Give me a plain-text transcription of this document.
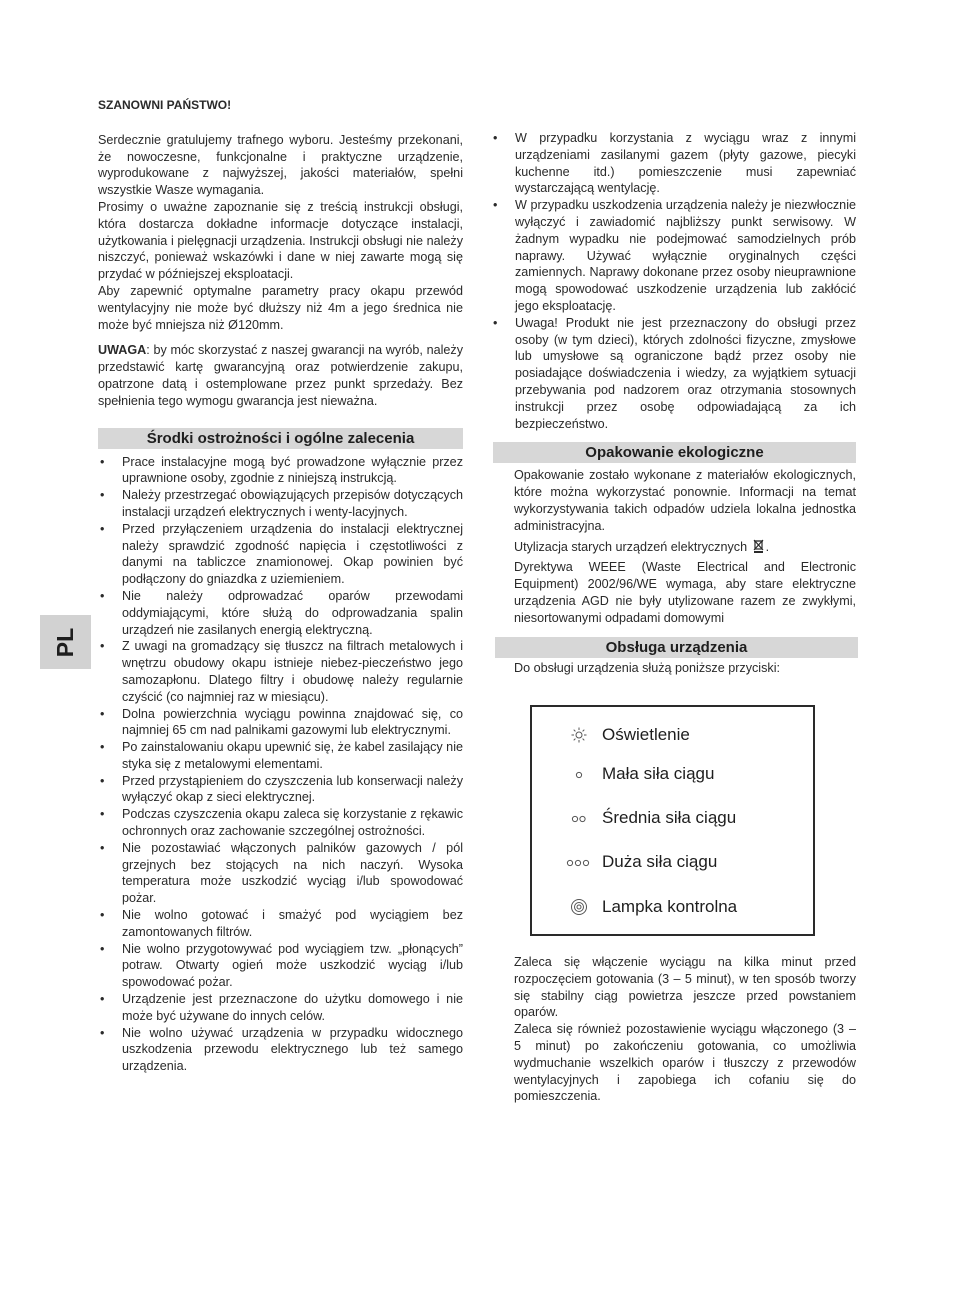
PL

SZANOWNI PAŃSTWO!

Serdecznie gratulujemy trafnego wyboru. Jesteśmy przekonani, że nowoczesne, funkcjonalne i praktyczne urządzenie, wyprodukowane z najwyższej, jakości materiałów, spełni wszystkie Wasze wymagania.

Prosimy o uważne zapoznanie się z treścią instrukcji obsługi, która dostarcza dokładne informacje dotyczące instalacji, użytkowania i pielęgnacji urządzenia. Instrukcji obsługi nie należy niszczyć, ponieważ wskazówki i dane w niej zawarte mogą się przydać w późniejszej eksploatacji.

Aby zapewnić optymalne parametry pracy okapu przewód wentylacyjny nie może być dłuższy niż 4m a jego średnica nie może być mniejsza niż Ø120mm.

UWAGA: by móc skorzystać z naszej gwarancji na wyrób, należy przedstawić kartę gwarancyjną oraz potwierdzenie zakupu, opatrzone datą i ostemplowane przez punkt sprzedaży. Bez spełnienia tego wymogu gwarancja jest nieważna.

Środki ostrożności i ogólne zalecenia
• Prace instalacyjne mogą być prowadzone wyłącznie przez uprawnione osoby, zgodnie z niniejszą instrukcją.
• Należy przestrzegać obowiązujących przepisów dotyczących instalacji urządzeń elektrycznych i wenty-lacyjnych.
• Przed przyłączeniem urządzenia do instalacji elektrycznej należy sprawdzić zgodność napięcia i częstotliwości z danymi na tabliczce znamionowej. Okap powinien być podłączony do gniazdka z uziemieniem.
• Nie należy odprowadzać oparów przewodami oddymiającymi, które służą do odprowadzania spalin urządzeń nie zasilanych energią elektryczną.
• Z uwagi na gromadzący się tłuszcz na filtrach metalowych i wnętrzu obudowy okapu istnieje niebez-pieczeństwo jego samozapłonu. Dlatego filtry i obudowę należy regularnie czyścić (co najmniej raz w miesiącu).
• Dolna powierzchnia wyciągu powinna znajdować się, co najmniej 65 cm nad palnikami gazowymi lub elektrycznymi.
• Po zainstalowaniu okapu upewnić się, że kabel zasilający nie styka się z metalowymi elementami.
• Przed przystąpieniem do czyszczenia lub konserwacji należy wyłączyć okap z sieci elektrycznej.
• Podczas czyszczenia okapu zaleca się korzystanie z rękawic ochronnych oraz zachowanie szczególnej ostrożności.
• Nie pozostawiać włączonych palników gazowych / pól grzejnych bez stojących na nich naczyń. Wysoka temperatura może uszkodzić wyciąg i/lub spowodować pożar.
• Nie wolno gotować i smażyć pod wyciągiem bez zamontowanych filtrów.
• Nie wolno przygotowywać pod wyciągiem tzw. „płonących” potraw. Otwarty ogień może uszkodzić wyciąg i/lub spowodować pożar.
• Urządzenie jest przeznaczone do użytku domowego i nie może być używane do innych celów.
• Nie wolno używać urządzenia w przypadku widocznego uszkodzenia przewodu elektrycznego lub też samego urządzenia.
• W przypadku korzystania z wyciągu wraz z innymi urządzeniami zasilanymi gazem (płyty gazowe, piecyki kuchenne itd.) pomieszczenie musi zapewniać wystarczającą wentylację.
• W przypadku uszkodzenia urządzenia należy je niezwłocznie wyłączyć i zawiadomić najbliższy punkt serwisowy. W żadnym wypadku nie podejmować samodzielnych prób naprawy. Używać wyłącznie oryginalnych części zamiennych. Naprawy dokonane przez osoby nieuprawnione mogą spowodować uszkodzenie urządzenia lub zakłócić jego eksploatację.
• Uwaga! Produkt nie jest przeznaczony do obsługi przez osoby (w tym dzieci), których zdolności fizyczne, zmysłowe lub umysłowe są ograniczone bądź przez osoby nie posiadające doświadczenia i wiedzy, za wyjątkiem sytuacji przebywania pod nadzorem oraz otrzymania stosownych instrukcji przez osobę odpowiadającą za ich bezpieczeństwo.
Opakowanie ekologiczne

Opakowanie zostało wykonane z materiałów ekologicznych, które można wykorzystać ponownie. Informacji na temat wykorzystywania takich odpadów udziela lokalna jednostka administracyjna.

Utylizacja starych urządzeń elektrycznych .

Dyrektywa WEEE (Waste Electrical and Electronic Equipment) 2002/96/WE wymaga, aby stare elektryczne urządzenia AGD nie były utylizowane razem ze zwykłymi, niesortowanymi odpadami domowymi

Obsługa urządzenia

Do obsługi urządzenia służą poniższe przyciski:

Oświetlenie
Mała siła ciągu
Średnia siła ciągu
Duża siła ciągu
Lampka kontrolna

Zaleca się włączenie wyciągu na kilka minut przed rozpoczęciem gotowania (3 – 5 minut), w ten sposób tworzy się stabilny ciąg powietrza jeszcze przed powstaniem oparów.

Zaleca się również pozostawienie wyciągu włączonego (3 – 5 minut) po zakończeniu gotowania, co umożliwia wydmuchanie wszelkich oparów i tłuszczy z przewodów wentylacyjnych i zapobiega ich cofaniu się do pomieszczenia.
